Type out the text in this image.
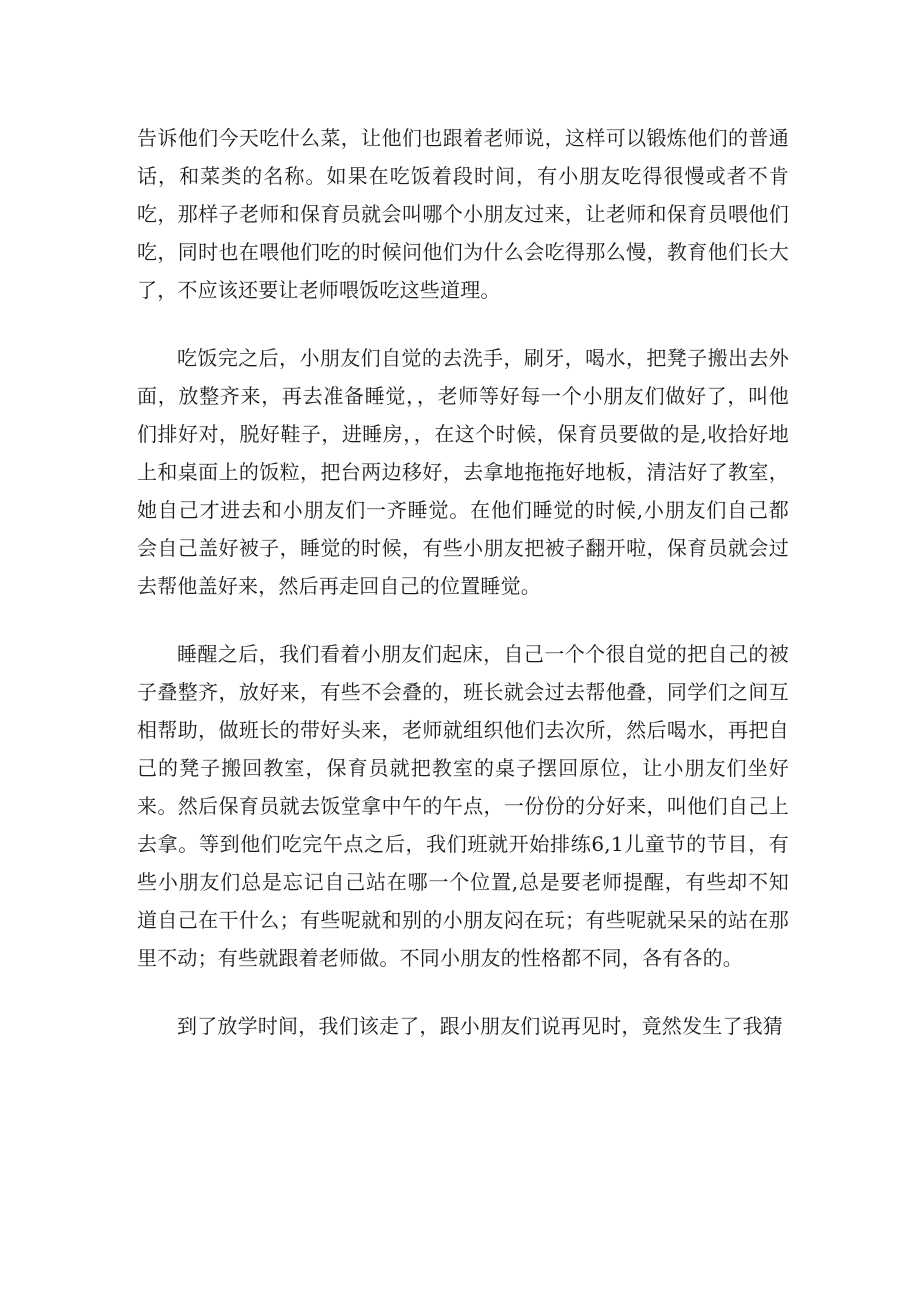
告诉他们今天吃什么菜，让他们也跟着老师说，这样可以锻炼他们的普通话，和菜类的名称。如果在吃饭着段时间，有小朋友吃得很慢或者不肯吃，那样子老师和保育员就会叫哪个小朋友过来，让老师和保育员喂他们吃，同时也在喂他们吃的时候问他们为什么会吃得那么慢，教育他们长大了，不应该还要让老师喂饭吃这些道理。

吃饭完之后，小朋友们自觉的去洗手，刷牙，喝水，把凳子搬出去外面，放整齐来，再去准备睡觉，，老师等好每一个小朋友们做好了，叫他们排好对，脱好鞋子，进睡房，，在这个时候，保育员要做的是,收拾好地上和桌面上的饭粒，把台两边移好，去拿地拖拖好地板，清洁好了教室，她自己才进去和小朋友们一齐睡觉。在他们睡觉的时候,小朋友们自己都会自己盖好被子，睡觉的时候，有些小朋友把被子翻开啦，保育员就会过去帮他盖好来，然后再走回自己的位置睡觉。

睡醒之后，我们看着小朋友们起床，自己一个个很自觉的把自己的被子叠整齐，放好来，有些不会叠的，班长就会过去帮他叠，同学们之间互相帮助，做班长的带好头来，老师就组织他们去次所，然后喝水，再把自己的凳子搬回教室，保育员就把教室的桌子摆回原位，让小朋友们坐好来。然后保育员就去饭堂拿中午的午点，一份份的分好来，叫他们自己上去拿。等到他们吃完午点之后，我们班就开始排练6,1儿童节的节目，有些小朋友们总是忘记自己站在哪一个位置,总是要老师提醒，有些却不知道自己在干什么；有些呢就和别的小朋友闷在玩；有些呢就呆呆的站在那里不动；有些就跟着老师做。不同小朋友的性格都不同，各有各的。

到了放学时间，我们该走了，跟小朋友们说再见时，竟然发生了我猜
